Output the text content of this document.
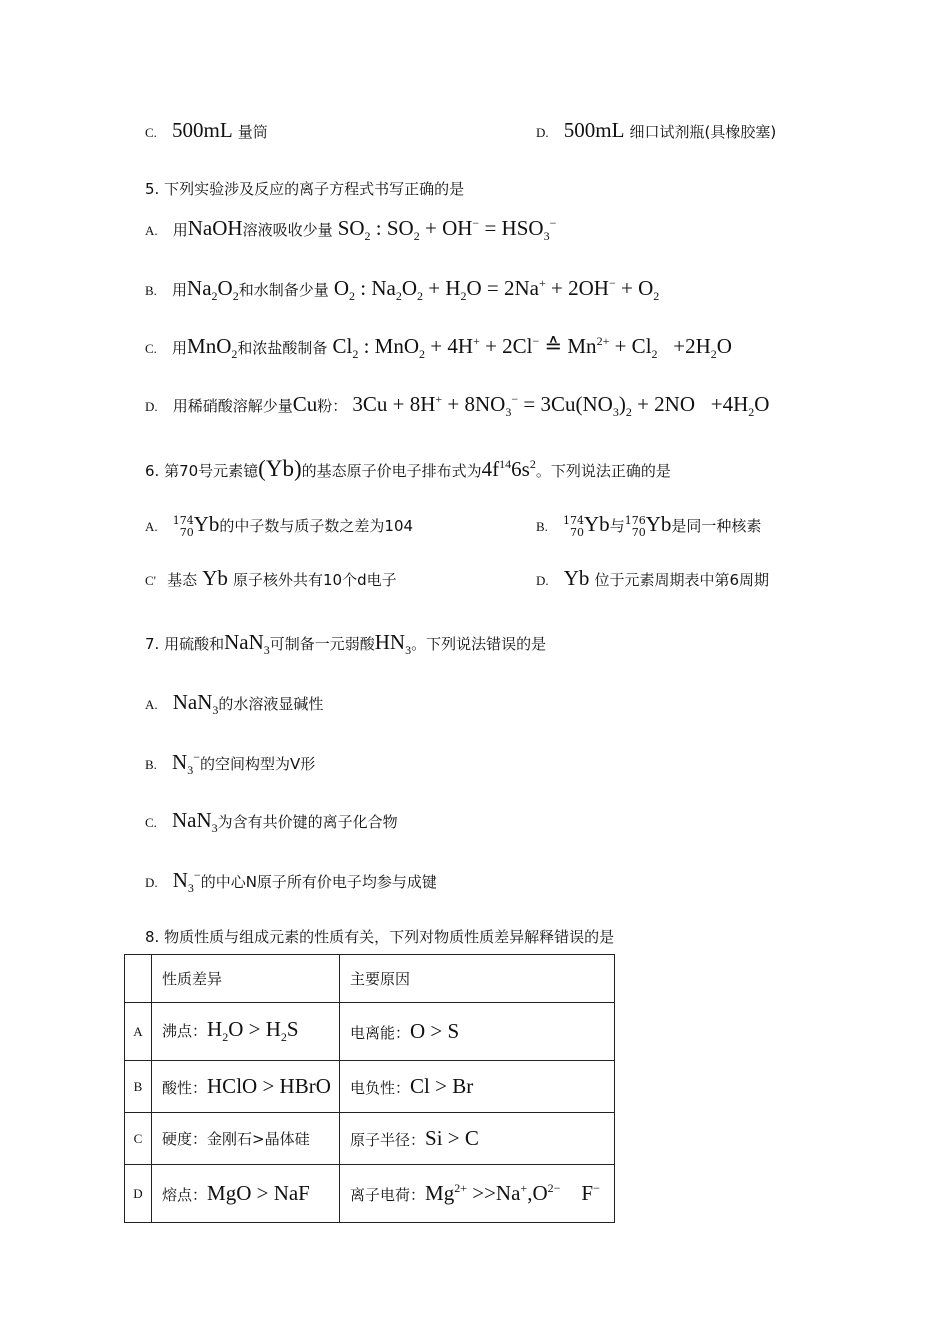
C. 500mL 量筒	D. 500mL 细口试剂瓶(具橡胶塞)
5. 下列实验涉及反应的离子方程式书写正确的是
A. 用NaOH溶液吸收少量 $SO_2$ : $SO_2 + OH^- = HSO_3^-$
B. 用$Na_2O_2$和水制备少量 $O_2$ : $Na_2O_2 + H_2O = 2Na^+ + 2OH^- + O_2$
C. 用MnO$_2$和浓盐酸制备 $Cl_2$ : MnO$_2$ + 4H+ + 2Cl− ≙ $Mn^{2+} + Cl_2 +2H_2O$
D. 用稀硝酸溶解少量Cu粉： $3Cu + 8H^+ + 8NO_3^- = 3Cu(NO_3)_2 + 2NO +4H_2O$
6. 第70号元素镱(Yb)的基态原子价电子排布式为$4f^{14}6s^2$。下列说法正确的是
A. 174
70Yb的中子数与质子数之差为104	B. 174
70Yb与176
70Yb是同一种核素
C' 基态 Yb 原子核外共有10个d电子	D. Yb 位于元素周期表中第6周期
7. 用硫酸和NaN$_3$可制备一元弱酸$HN_3$。下列说法错误的是
A. NaN$_3$的水溶液显碱性
B. $N_3^-$的空间构型为V形
C. NaN$_3$为含有共价键的离子化合物
D. $N_3^-$的中心N原子所有价电子均参与成键
8. 物质性质与组成元素的性质有关，下列对物质性质差异解释错误的是
	性质差异	主要原因
A	沸点：$H_2O > H_2S$	电离能：O > S
B	酸性：HClO > HBrO	电负性：Cl > Br
C	硬度：金刚石>晶体硅	原子半径：Si > C
D	熔点：MgO > NaF	离子电荷：$Mg^{2+} >>Na^+,O^{2-}$    F−
